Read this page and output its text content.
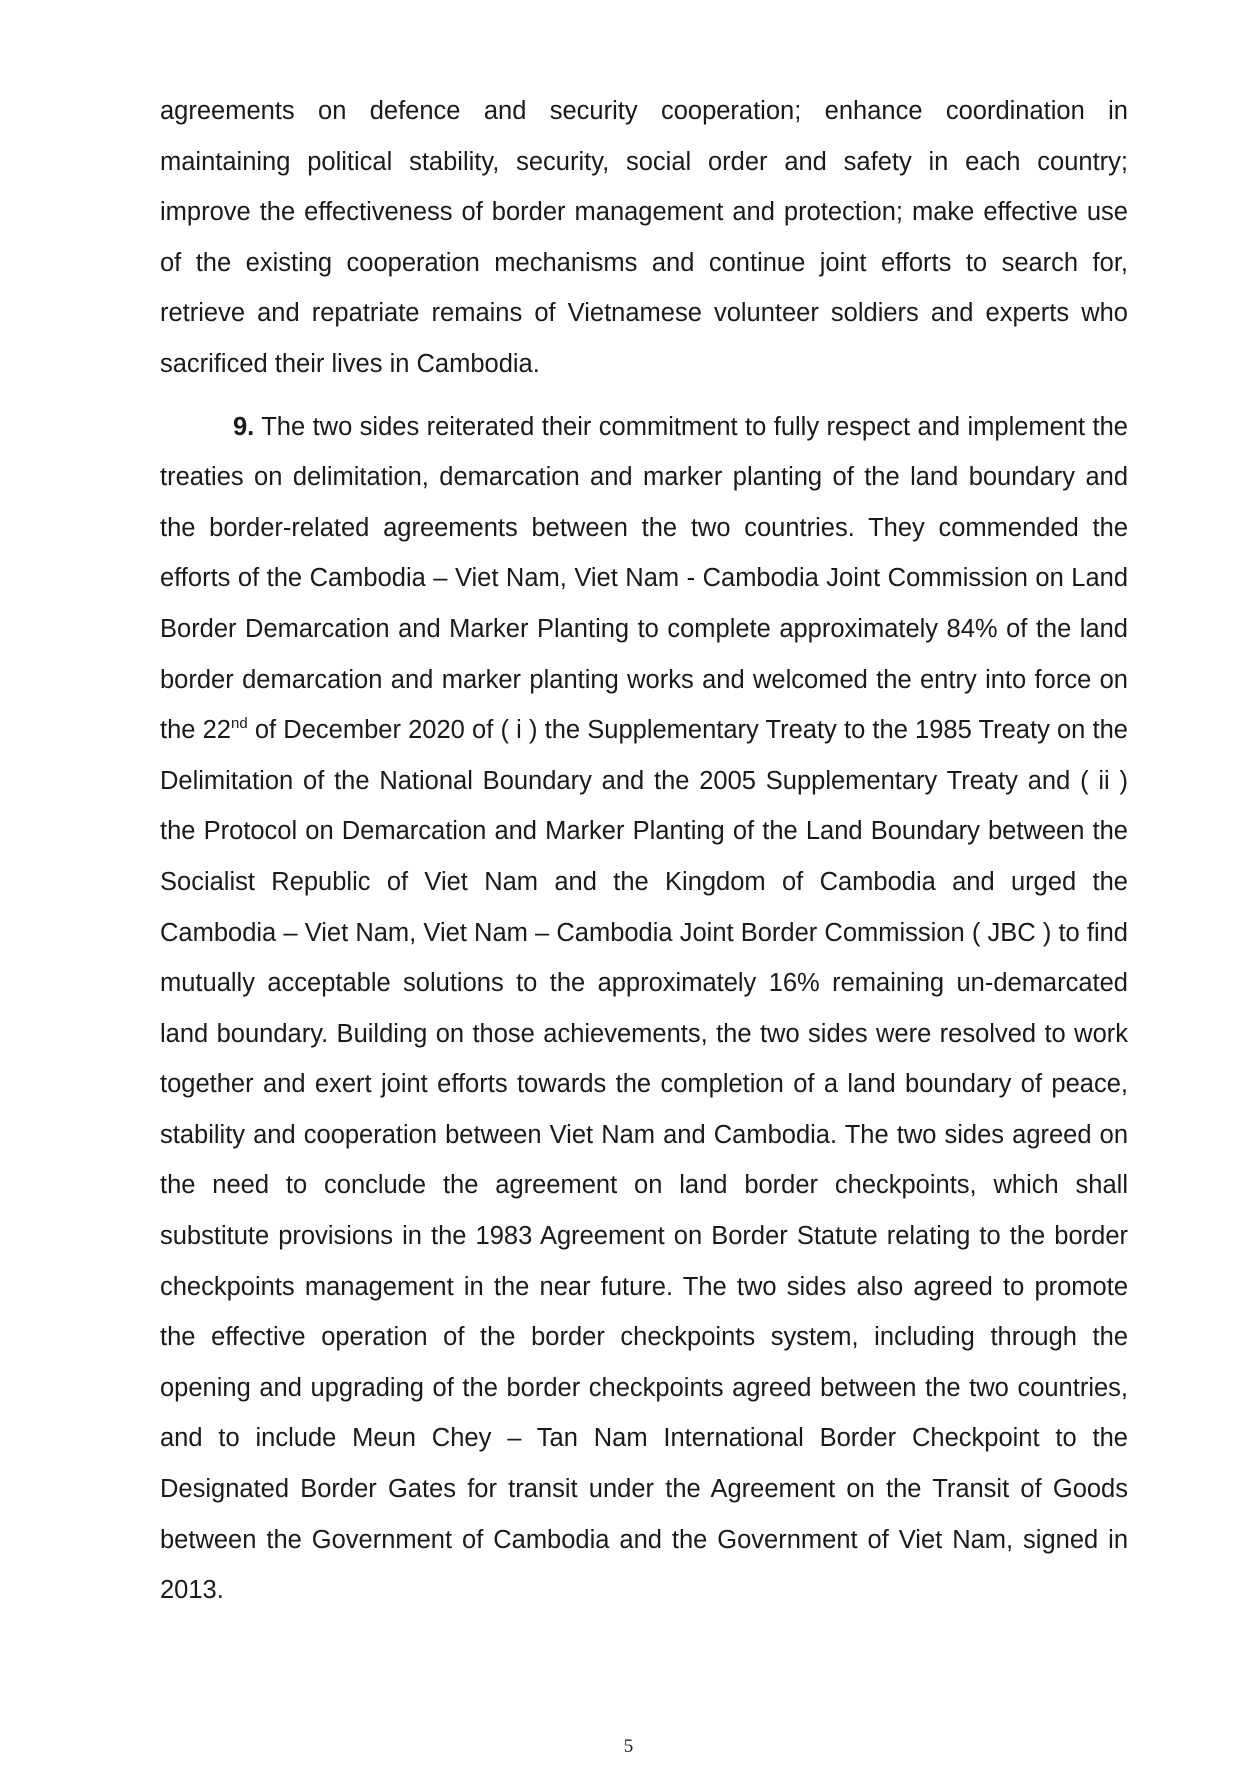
agreements on defence and security cooperation; enhance coordination in maintaining political stability, security, social order and safety in each country; improve the effectiveness of border management and protection; make effective use of the existing cooperation mechanisms and continue joint efforts to search for, retrieve and repatriate remains of Vietnamese volunteer soldiers and experts who sacrificed their lives in Cambodia.

9. The two sides reiterated their commitment to fully respect and implement the treaties on delimitation, demarcation and marker planting of the land boundary and the border-related agreements between the two countries. They commended the efforts of the Cambodia – Viet Nam, Viet Nam - Cambodia Joint Commission on Land Border Demarcation and Marker Planting to complete approximately 84% of the land border demarcation and marker planting works and welcomed the entry into force on the 22nd of December 2020 of ( i ) the Supplementary Treaty to the 1985 Treaty on the Delimitation of the National Boundary and the 2005 Supplementary Treaty and ( ii ) the Protocol on Demarcation and Marker Planting of the Land Boundary between the Socialist Republic of Viet Nam and the Kingdom of Cambodia and urged the Cambodia – Viet Nam, Viet Nam – Cambodia Joint Border Commission ( JBC ) to find mutually acceptable solutions to the approximately 16% remaining un-demarcated land boundary. Building on those achievements, the two sides were resolved to work together and exert joint efforts towards the completion of a land boundary of peace, stability and cooperation between Viet Nam and Cambodia. The two sides agreed on the need to conclude the agreement on land border checkpoints, which shall substitute provisions in the 1983 Agreement on Border Statute relating to the border checkpoints management in the near future. The two sides also agreed to promote the effective operation of the border checkpoints system, including through the opening and upgrading of the border checkpoints agreed between the two countries, and to include Meun Chey – Tan Nam International Border Checkpoint to the Designated Border Gates for transit under the Agreement on the Transit of Goods between the Government of Cambodia and the Government of Viet Nam, signed in 2013.

5
